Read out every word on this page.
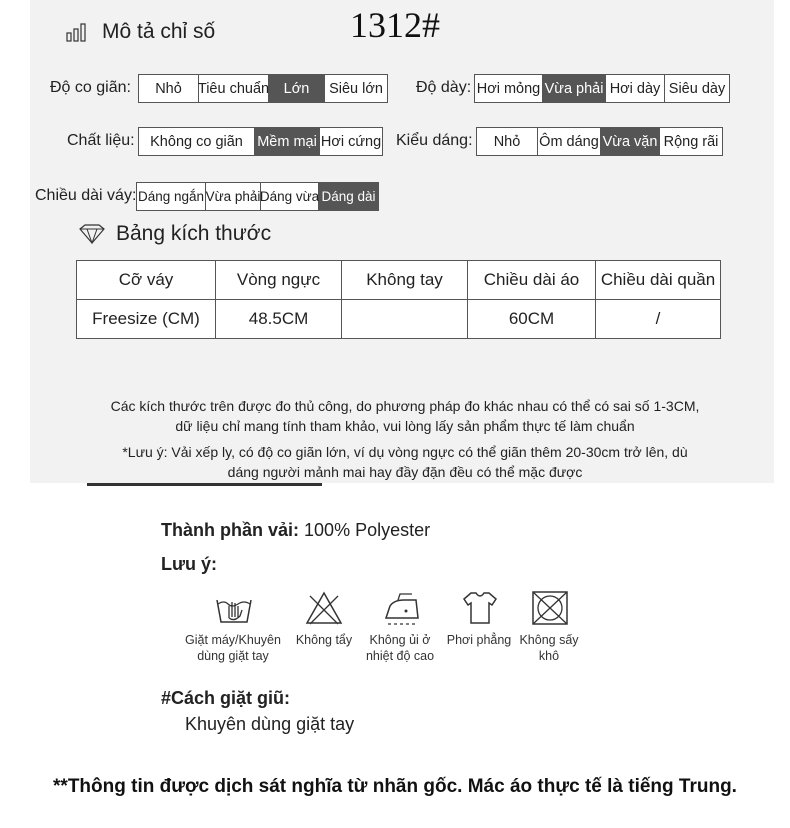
Mô tả chỉ số	1312#
Độ co giãn:	Nhỏ	Tiêu chuẩn	Lớn	Siêu lớn Độ dày: Hơi mỏng Vừa phải Hơi dày Siêu dày
Chất liệu:	Không co giãn Mềm mại Hơi cứng Kiểu dáng:	Nhỏ	Ôm dáng Vừa vặn Rộng rãi
Chiều dài váy: Dáng ngắn Vừa phải Dáng vừa Dáng dài
Bảng kích thước
Cỡ váy	Vòng ngực	Không tay	Chiều dài áo	Chiều dài quần
Freesize (CM)	48.5CM		60CM	/
Các kích thước trên được đo thủ công, do phương pháp đo khác nhau có thể có sai số 1-3CM,
dữ liệu chỉ mang tính tham khảo, vui lòng lấy sản phẩm thực tế làm chuẩn
*Lưu ý: Vải xếp ly, có độ co giãn lớn, ví dụ vòng ngực có thể giãn thêm 20-30cm trở lên, dù
dáng người mảnh mai hay đầy đặn đều có thể mặc được
Thành phần vải: 100% Polyester
Lưu ý:
Giặt máy/Khuyên
dùng giặt tay
Không tẩy	Không ủi ở
nhiệt độ cao
Phơi phẳng Không sấy
khô
#Cách giặt giũ:
Khuyên dùng giặt tay
**Thông tin được dịch sát nghĩa từ nhãn gốc. Mác áo thực tế là tiếng Trung.
